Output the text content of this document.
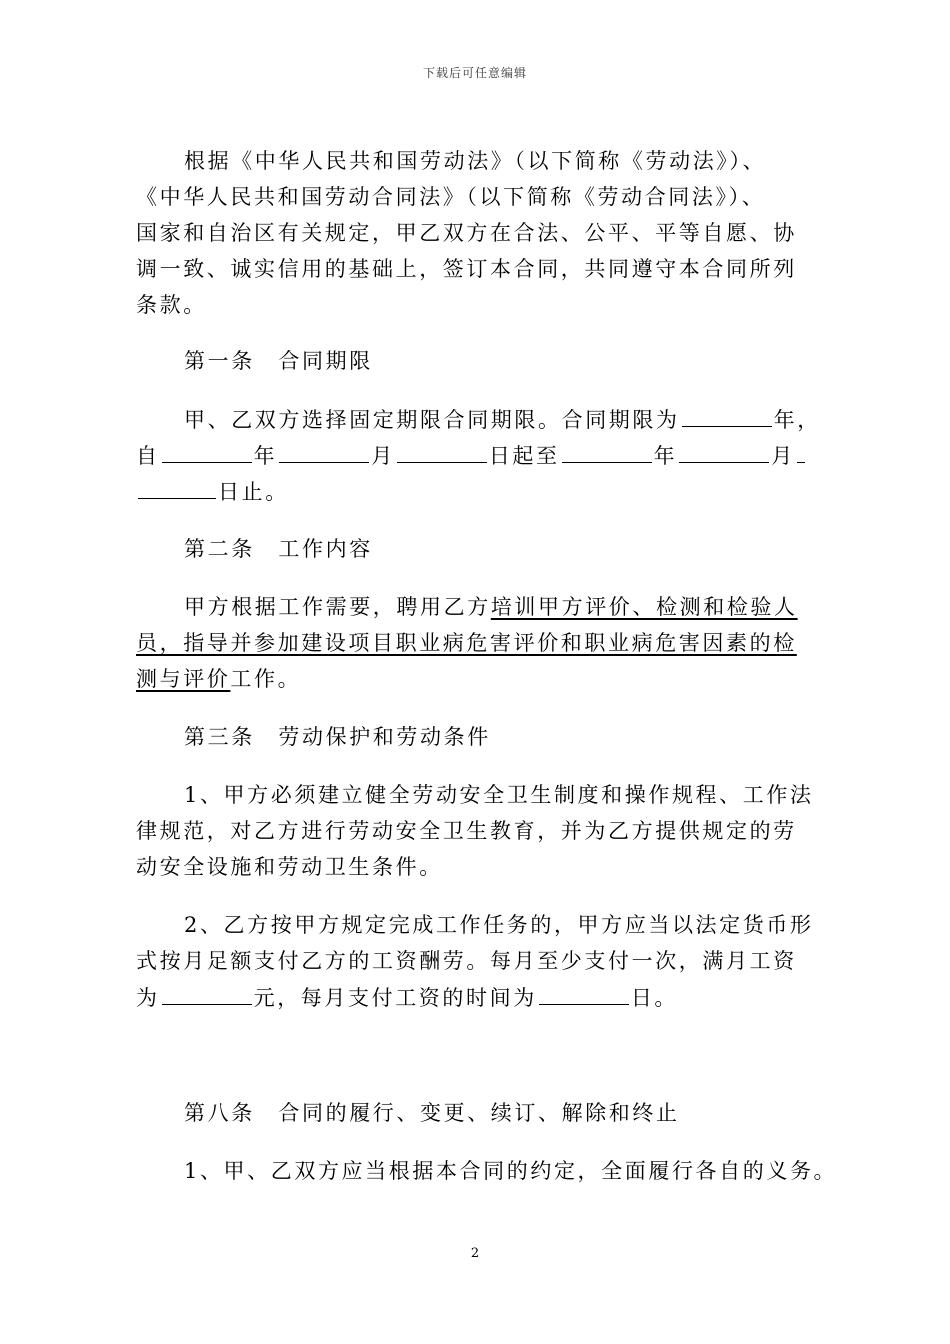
下载后可任意编辑
根据《中华人民共和国劳动法》（以下简称《劳动法》）、
《中华人民共和国劳动合同法》（以下简称《劳动合同法》）、
国家和自治区有关规定，甲乙双方在合法、公平、平等自愿、协
调一致、诚实信用的基础上，签订本合同，共同遵守本合同所列
条款。
第一条　合同期限
甲、乙双方选择固定期限合同期限。合同期限为	年，
自	年	月	日起至	年	月
日止。
第二条　工作内容
甲方根据工作需要，聘用乙方培训甲方评价、检测和检验人
员，指导并参加建设项目职业病危害评价和职业病危害因素的检
测与评价工作。
第三条　劳动保护和劳动条件
1、甲方必须建立健全劳动安全卫生制度和操作规程、工作法
律规范，对乙方进行劳动安全卫生教育，并为乙方提供规定的劳
动安全设施和劳动卫生条件。
2、乙方按甲方规定完成工作任务的，甲方应当以法定货币形
式按月足额支付乙方的工资酬劳。每月至少支付一次，满月工资
为	元，每月支付工资的时间为	日。
第八条　合同的履行、变更、续订、解除和终止
1、甲、乙双方应当根据本合同的约定，全面履行各自的义务。
2
